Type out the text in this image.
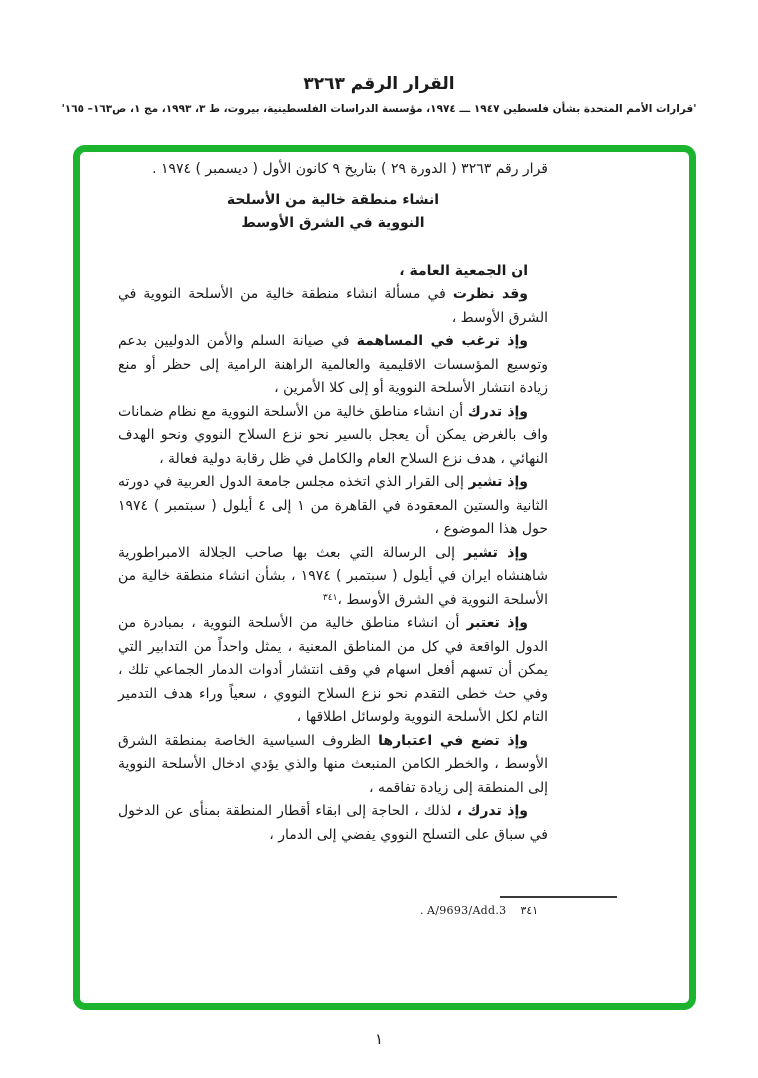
القرار الرقم ٣٢٦٣
'قرارات الأمم المتحدة بشأن فلسطين ١٩٤٧ ـــ ١٩٧٤، مؤسسة الدراسات الفلسطينية، بيروت، ط ٣، ١٩٩٣، مج ١، ص١٦٣– ١٦٥'

قرار رقم ٣٢٦٣ ( الدورة ٢٩ ) بتاريخ ٩ كانون الأول ( ديسمبر ) ١٩٧٤ .

انشاء منطقة خالية من الأسلحة
النووية في الشرق الأوسط

ان الجمعية العامة ،

وقد نظرت في مسألة انشاء منطقة خالية من الأسلحة النووية في الشرق الأوسط ،

وإذ ترغب في المساهمة في صيانة السلم والأمن الدوليين بدعم وتوسيع المؤسسات الاقليمية والعالمية الراهنة الرامية إلى حظر أو منع زيادة انتشار الأسلحة النووية أو إلى كلا الأمرين ،

وإذ تدرك أن انشاء مناطق خالية من الأسلحة النووية مع نظام ضمانات واف بالغرض يمكن أن يعجل بالسير نحو نزع السلاح النووي ونحو الهدف النهائي ، هدف نزع السلاح العام والكامل في ظل رقابة دولية فعالة ،

وإذ تشير إلى القرار الذي اتخذه مجلس جامعة الدول العربية في دورته الثانية والستين المعقودة في القاهرة من ١ إلى ٤ أيلول ( سبتمبر ) ١٩٧٤ حول هذا الموضوع ،

وإذ تشير إلى الرسالة التي بعث بها صاحب الجلالة الامبراطورية شاهنشاه ايران في أيلول ( سبتمبر ) ١٩٧٤ ، بشأن انشاء منطقة خالية من الأسلحة النووية في الشرق الأوسط ،$^{٣٤١}$

وإذ تعتبر أن انشاء مناطق خالية من الأسلحة النووية ، بمبادرة من الدول الواقعة في كل من المناطق المعنية ، يمثل واحداً من التدابير التي يمكن أن تسهم أفعل اسهام في وقف انتشار أدوات الدمار الجماعي تلك ، وفي حث خطى التقدم نحو نزع السلاح النووي ، سعياً وراء هدف التدمير التام لكل الأسلحة النووية ولوسائل اطلاقها ،

وإذ تضع في اعتبارها الظروف السياسية الخاصة بمنطقة الشرق الأوسط ، والخطر الكامن المنبعث منها والذي يؤدي ادخال الأسلحة النووية إلى المنطقة إلى زيادة تفاقمه ،

وإذ تدرك ، لذلك ، الحاجة إلى ابقاء أقطار المنطقة بمنأى عن الدخول في سباق على التسلح النووي يفضي إلى الدمار ،

٣٤١. A/9693/Add.3
١
